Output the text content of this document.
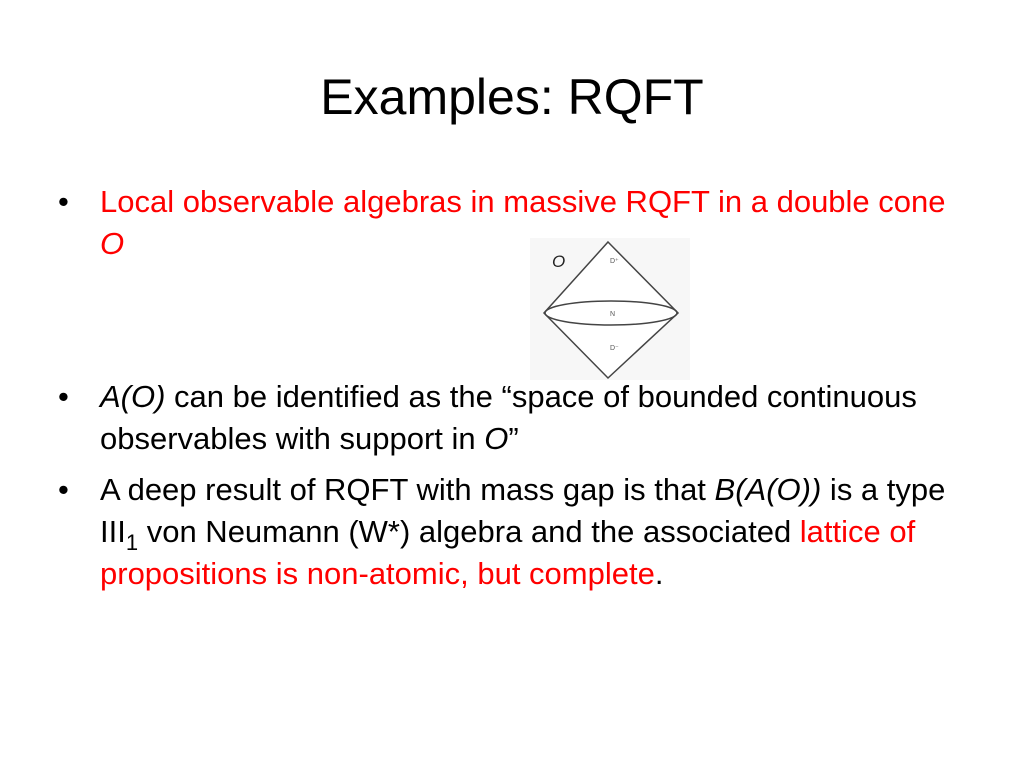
Examples: RQFT
•	Local observable algebras in massive RQFT in a double cone O
O	D⁺
N
D⁻
•	A(O) can be identified as the “space of bounded continuous observables with support in O”
•	A deep result of RQFT with mass gap is that B(A(O)) is a type $III_1$ von Neumann (W*) algebra and the associated lattice of propositions is non-atomic, but complete.
